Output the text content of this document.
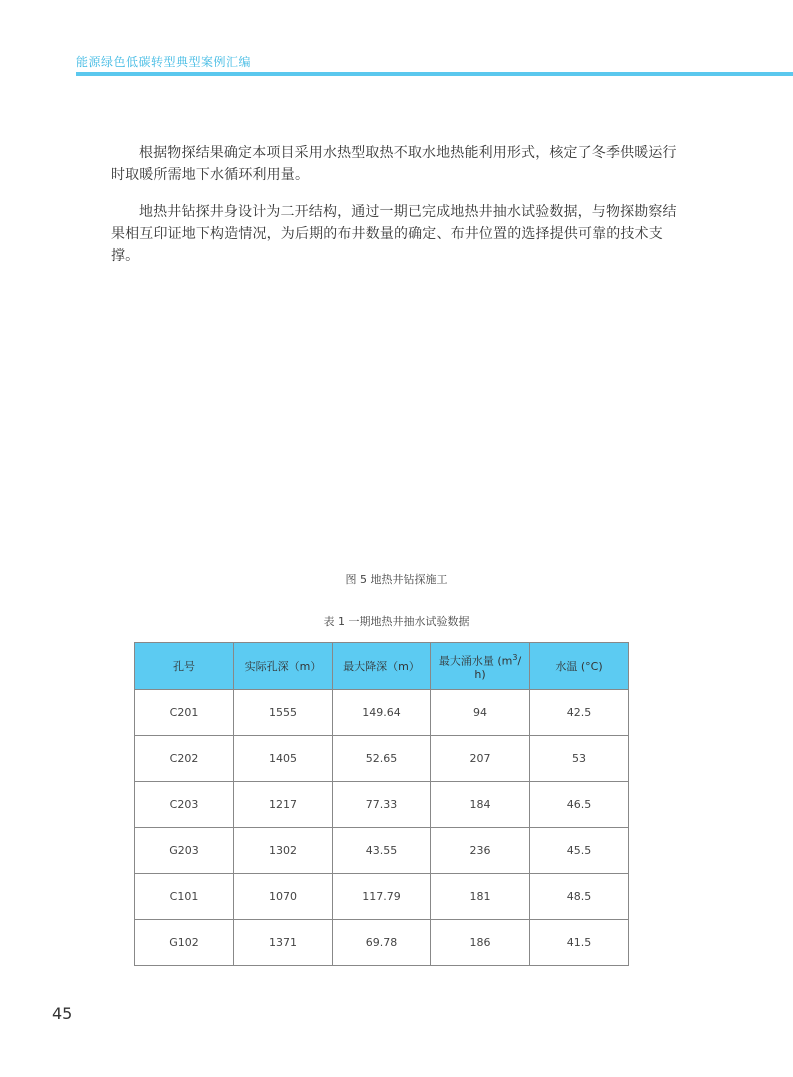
能源绿色低碳转型典型案例汇编

根据物探结果确定本项目采用水热型取热不取水地热能利用形式，核定了冬季供暖运行时取暖所需地下水循环利用量。

地热井钻探井身设计为二开结构，通过一期已完成地热井抽水试验数据，与物探勘察结果相互印证地下构造情况，为后期的布井数量的确定、布井位置的选择提供可靠的技术支撑。

图 5 地热井钻探施工
表 1 一期地热井抽水试验数据
孔号	实际孔深（m）	最大降深（m）	最大涌水量 ($m^3/$ h)	水温 (°C)
C201	1555	149.64	94	42.5
C202	1405	52.65	207	53
C203	1217	77.33	184	46.5
G203	1302	43.55	236	45.5
C101	1070	117.79	181	48.5
G102	1371	69.78	186	41.5
45
